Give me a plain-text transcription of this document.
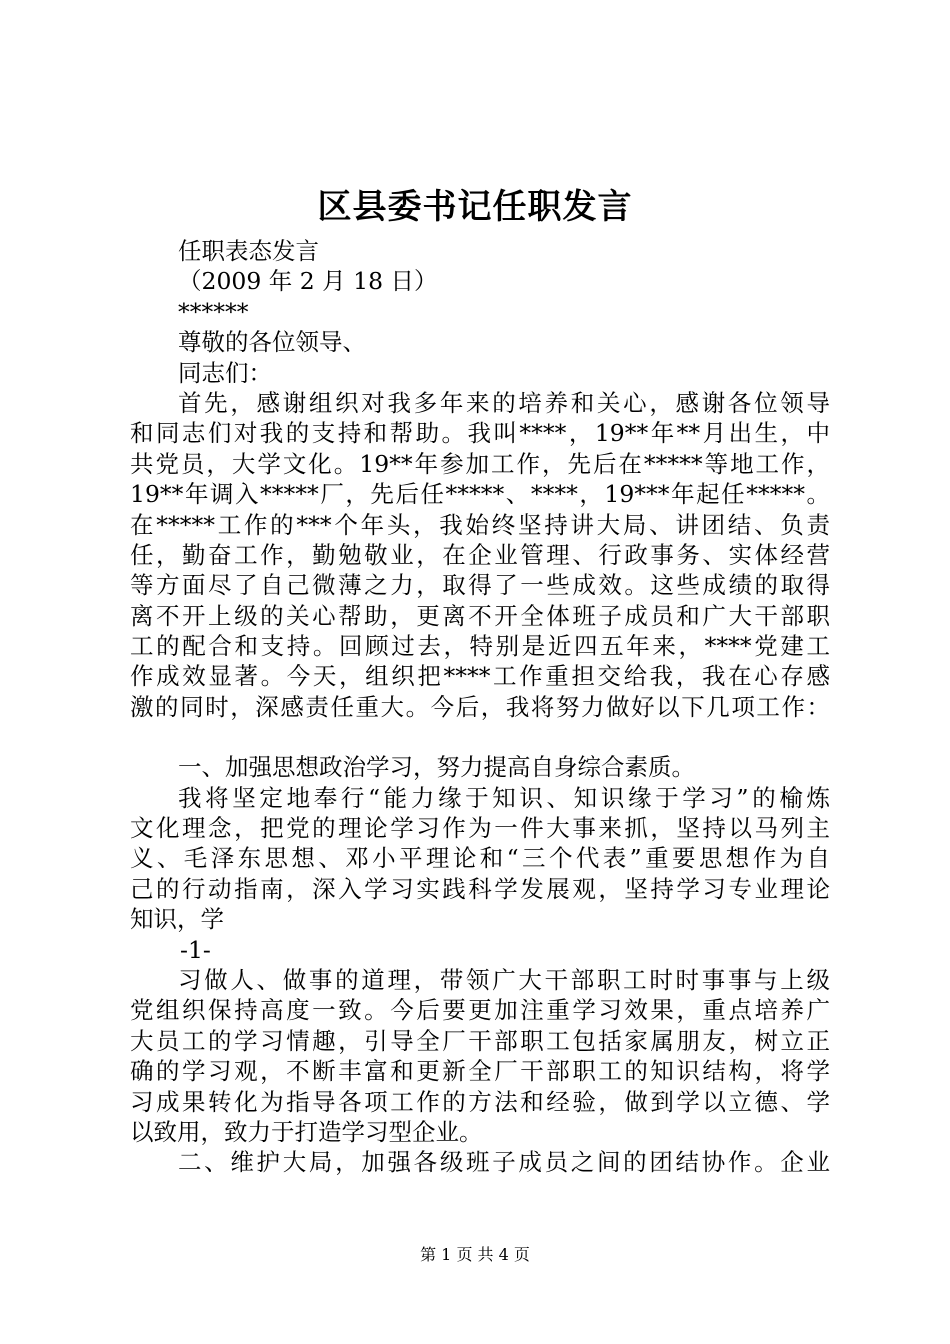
区县委书记任职发言
任职表态发言
（2009 年 2 月 18 日）
******
尊敬的各位领导、
同志们：
首先，感谢组织对我多年来的培养和关心，感谢各位领导
和同志们对我的支持和帮助。我叫****，19**年**月出生，中
共党员，大学文化。19**年参加工作，先后在*****等地工作，
19**年调入*****厂，先后任*****、****，19***年起任*****。
在*****工作的***个年头，我始终坚持讲大局、讲团结、负责
任，勤奋工作，勤勉敬业，在企业管理、行政事务、实体经营
等方面尽了自己微薄之力，取得了一些成效。这些成绩的取得
离不开上级的关心帮助，更离不开全体班子成员和广大干部职
工的配合和支持。回顾过去，特别是近四五年来，****党建工
作成效显著。今天，组织把****工作重担交给我，我在心存感
激的同时，深感责任重大。今后，我将努力做好以下几项工作：
一、加强思想政治学习，努力提高自身综合素质。
我将坚定地奉行“能力缘于知识、知识缘于学习”的榆炼
文化理念，把党的理论学习作为一件大事来抓，坚持以马列主
义、毛泽东思想、邓小平理论和“三个代表”重要思想作为自
己的行动指南，深入学习实践科学发展观，坚持学习专业理论
知识，学
-1-
习做人、做事的道理，带领广大干部职工时时事事与上级
党组织保持高度一致。今后要更加注重学习效果，重点培养广
大员工的学习情趣，引导全厂干部职工包括家属朋友，树立正
确的学习观，不断丰富和更新全厂干部职工的知识结构，将学
习成果转化为指导各项工作的方法和经验，做到学以立德、学
以致用，致力于打造学习型企业。
二、维护大局，加强各级班子成员之间的团结协作。企业
第 1 页 共 4 页
